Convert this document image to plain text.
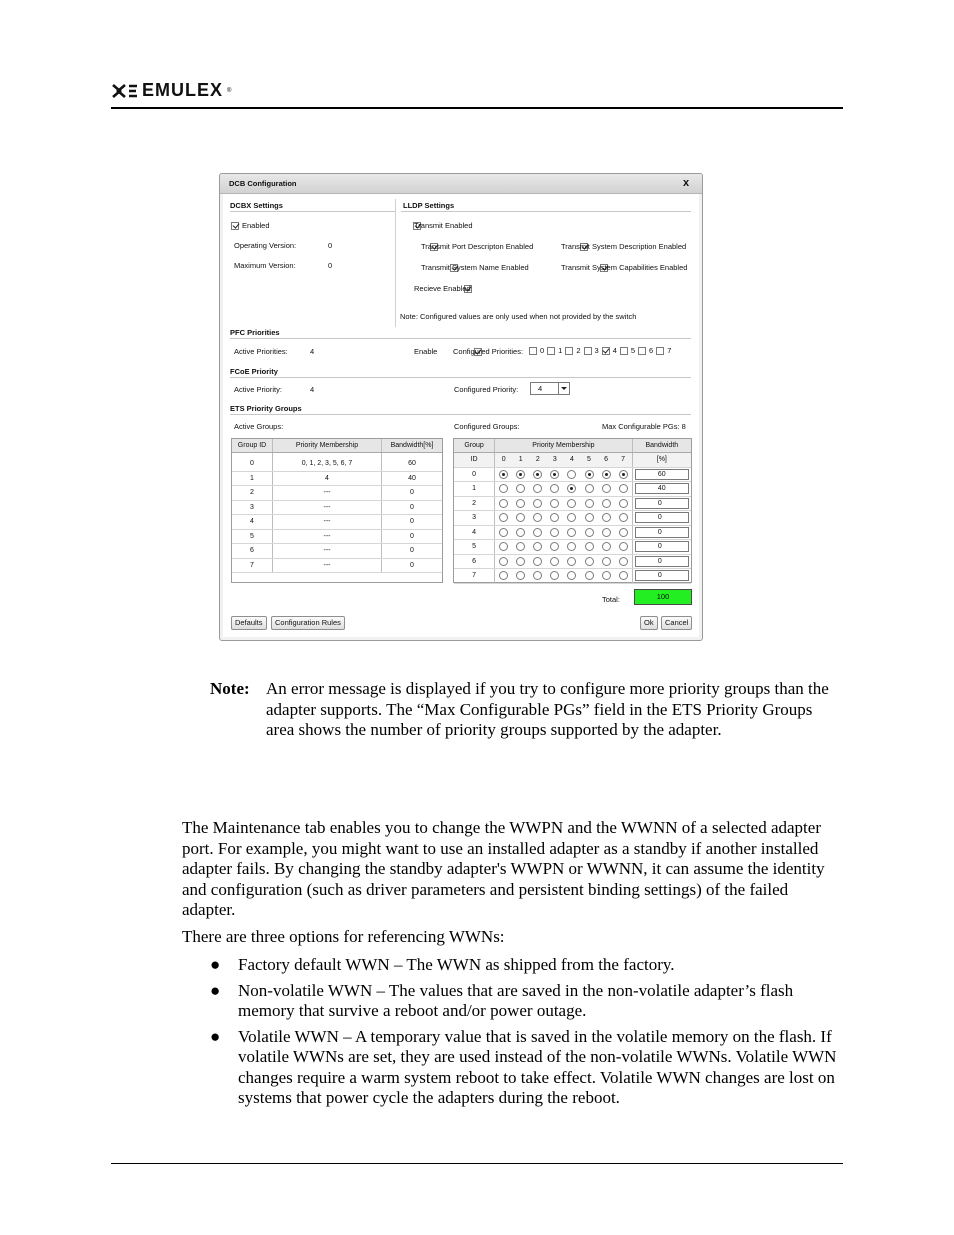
EMULEX ®
DCB Configuration	x
DCBX Settings

Enabled
Operating Version:	0
Maximum Version:	0
LLDP Settings

Transmit Enabled

Transmit Port Descripton Enabled
	Transmit System Description Enabled

Transmit System Name Enabled
	Transmit System Capabilities Enabled

Recieve Enabled
Note: Configured values are only used when not provided by the switch
PFC Priorities
Active Priorities:	4	Enable Configured Priorities: 0 1 2 3 4 5 6 7
FCoE Priority
Active Priority:	4	Configured Priority:	4
ETS Priority Groups
Active Groups:	Configured Groups:	Max Configurable PGs: 8
Group ID	Priority Membership	Bandwidth[%]

0	0, 1, 2, 3, 5, 6, 7	60
1	4	40
2	---	0
3	---	0
4	---	0
5	---	0
6	---	0
7	---	0
Group	Priority Membership								Bandwidth
ID	0	1	2	3	4	5	6	7	[%]
0									60
1									40
2									0
3									0
4									0
5									0
6									0
7									0
Total:	100
Defaults	Configuration Rules	Ok	Cancel
Note: An error message is displayed if you try to configure more priority groups than the adapter supports. The “Max Configurable PGs” field in the ETS Priority Groups area shows the number of priority groups supported by the adapter.
The Maintenance tab enables you to change the WWPN and the WWNN of a selected adapter port. For example, you might want to use an installed adapter as a standby if another installed adapter fails. By changing the standby adapter's WWPN or WWNN, it can assume the identity and configuration (such as driver parameters and persistent binding settings) of the failed adapter.
There are three options for referencing WWNs:
●	Factory default WWN – The WWN as shipped from the factory.
●	Non-volatile WWN – The values that are saved in the non-volatile adapter’s flash memory that survive a reboot and/or power outage.
●	Volatile WWN – A temporary value that is saved in the volatile memory on the flash. If volatile WWNs are set, they are used instead of the non-volatile WWNs. Volatile WWN changes require a warm system reboot to take effect. Volatile WWN changes are lost on systems that power cycle the adapters during the reboot.
